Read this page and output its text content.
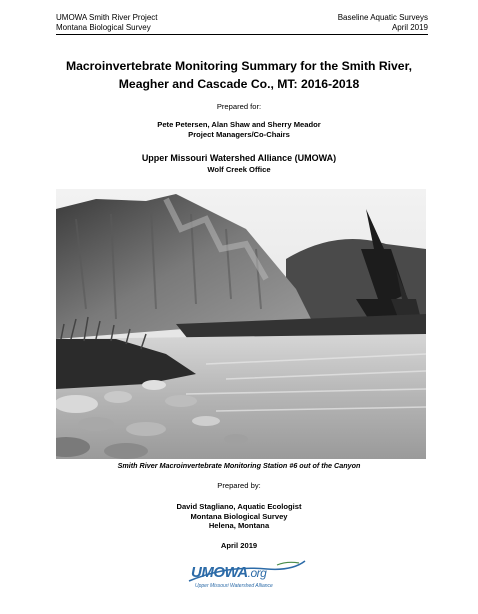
UMOWA Smith River Project
Montana Biological Survey
Baseline Aquatic Surveys
April 2019
Macroinvertebrate Monitoring Summary for the Smith River,
Meagher and Cascade Co., MT: 2016-2018
Prepared for:
Pete Petersen, Alan Shaw and Sherry Meador
Project Managers/Co-Chairs
Upper Missouri Watershed Alliance (UMOWA)
Wolf Creek Office
Smith River Macroinvertebrate Monitoring Station #6 out of the Canyon
Prepared by:
David Stagliano, Aquatic Ecologist
Montana Biological Survey
Helena, Montana
April 2019
UMOWA.org
Upper Missouri Watershed Alliance
